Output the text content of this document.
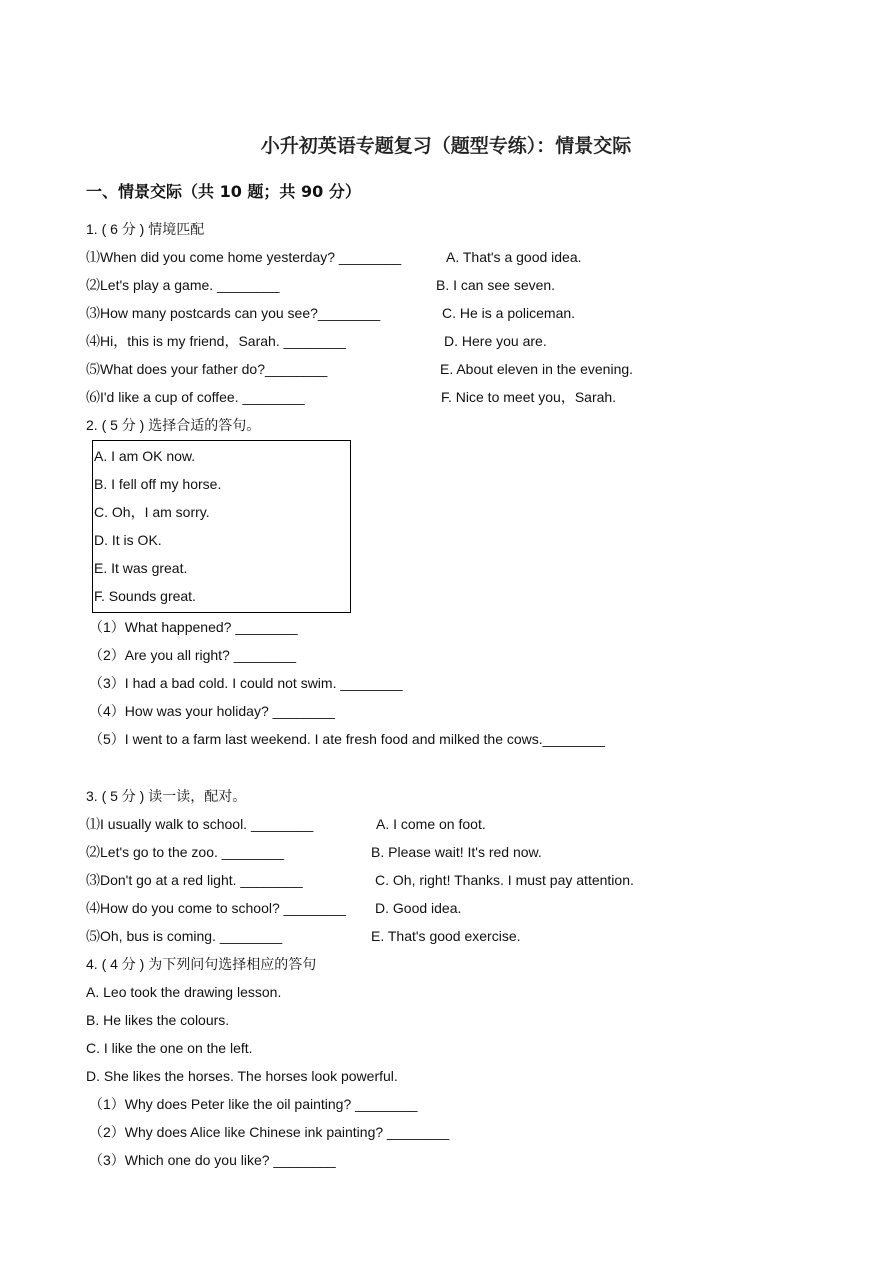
小升初英语专题复习（题型专练）：情景交际
一、情景交际（共 10 题；共 90 分）
1. ( 6 分 ) 情境匹配
⑴When did you come home yesterday? ________
⑵Let's play a game. ________
⑶How many postcards can you see?________
⑷Hi，this is my friend，Sarah. ________
⑸What does your father do?________
⑹I'd like a cup of coffee. ________
A. That's a good idea.
B. I can see seven.
C. He is a policeman.
D. Here you are.
E. About eleven in the evening.
F. Nice to meet you，Sarah.
2. ( 5 分 ) 选择合适的答句。
A. I am OK now.
B. I fell off my horse.
C. Oh，I am sorry.
D. It is OK.
E. It was great.
F. Sounds great.
（1）What happened? ________
（2）Are you all right? ________
（3）I had a bad cold. I could not swim. ________
（4）How was your holiday? ________
（5）I went to a farm last weekend. I ate fresh food and milked the cows.________
3. ( 5 分 ) 读一读，配对。
⑴I usually walk to school. ________
⑵Let's go to the zoo. ________
⑶Don't go at a red light. ________
⑷How do you come to school? ________
⑸Oh, bus is coming. ________
A. I come on foot.
B. Please wait! It's red now.
C. Oh, right! Thanks. I must pay attention.
D. Good idea.
E. That's good exercise.
4. ( 4 分 ) 为下列问句选择相应的答句
A. Leo took the drawing lesson.
B. He likes the colours.
C. I like the one on the left.
D. She likes the horses. The horses look powerful.
（1）Why does Peter like the oil painting? ________
（2）Why does Alice like Chinese ink painting? ________
（3）Which one do you like? ________
